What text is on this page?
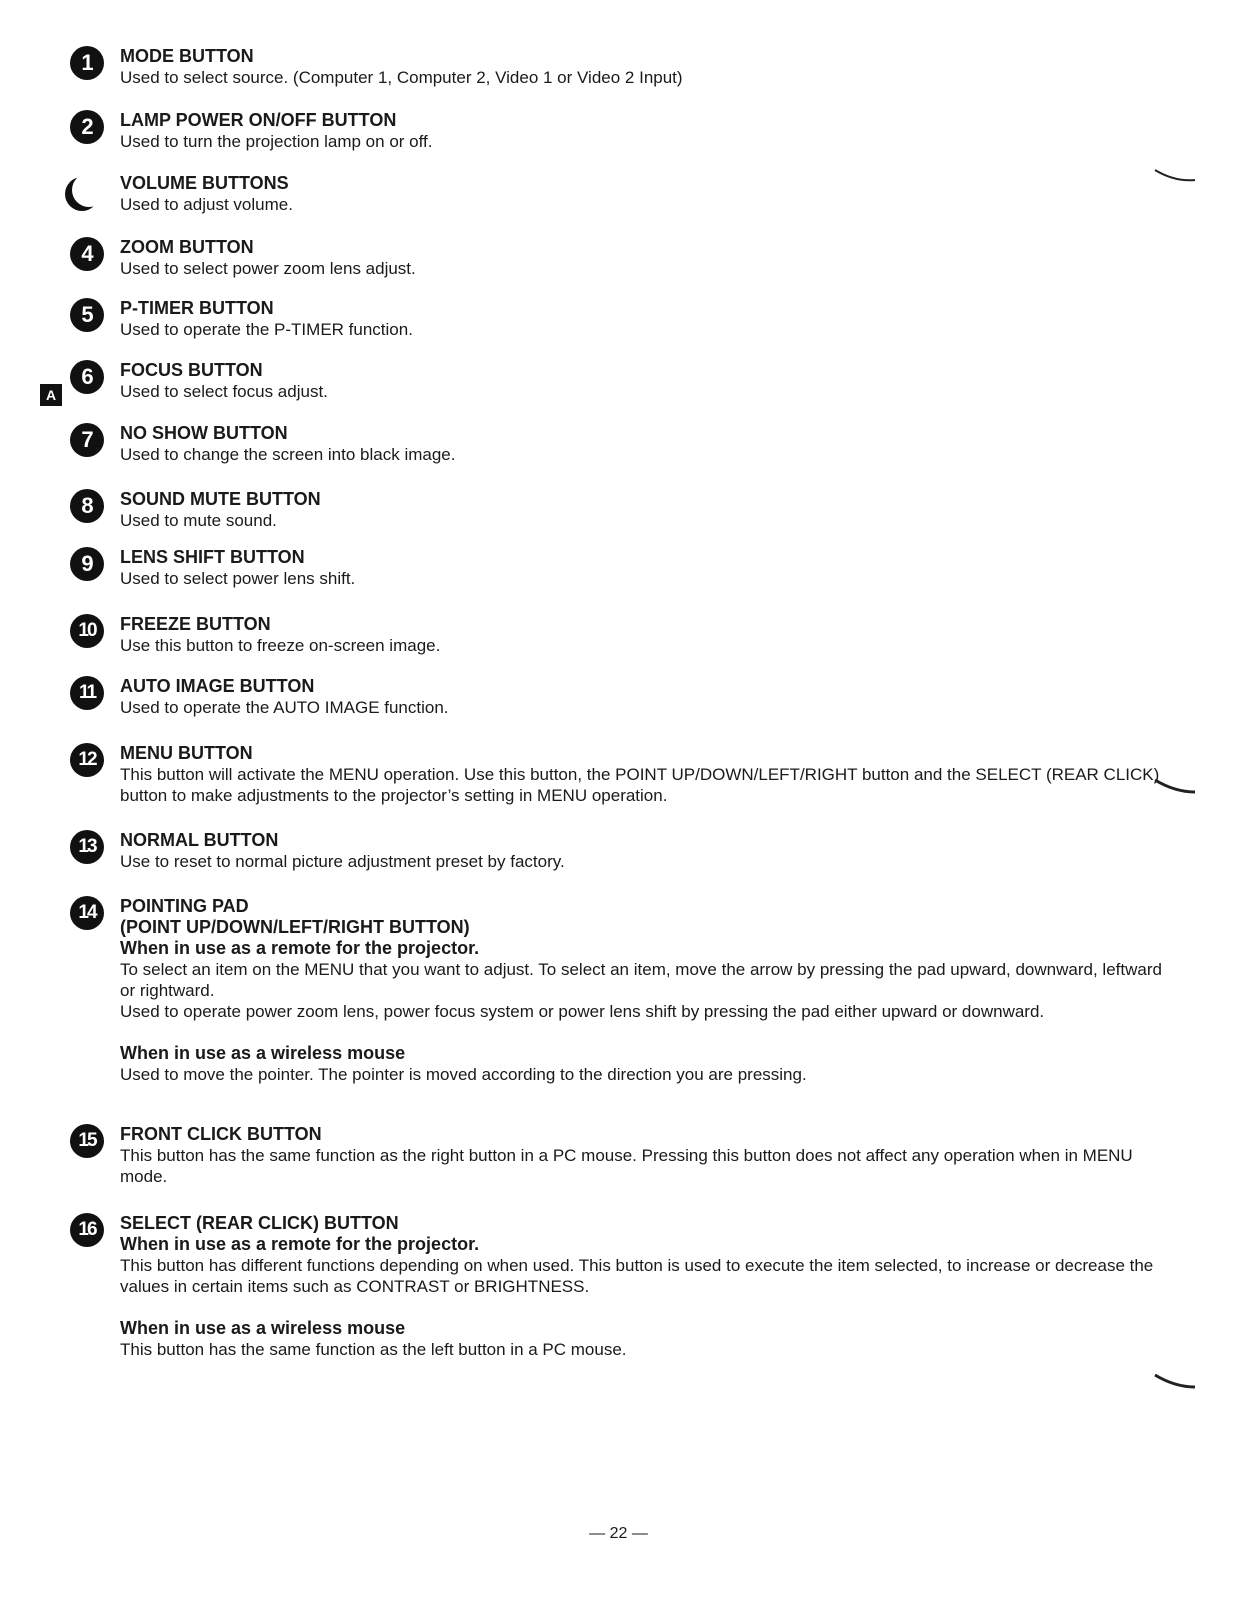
A
1	MODE BUTTON

Used to select source. (Computer 1, Computer 2, Video 1 or Video 2 Input)

2	LAMP POWER ON/OFF BUTTON

Used to turn the projection lamp on or off.

VOLUME BUTTONS

Used to adjust volume.

4	ZOOM BUTTON

Used to select power zoom lens adjust.

5	P-TIMER BUTTON

Used to operate the P-TIMER function.

6	FOCUS BUTTON

Used to select focus adjust.

7	NO SHOW BUTTON

Used to change the screen into black image.

8	SOUND MUTE BUTTON

Used to mute sound.

9	LENS SHIFT BUTTON

Used to select power lens shift.

10	FREEZE BUTTON

Use this button to freeze on-screen image.

11	AUTO IMAGE BUTTON

Used to operate the AUTO IMAGE function.

12	MENU BUTTON

This button will activate the MENU operation. Use this button, the POINT UP/DOWN/LEFT/RIGHT button and the SELECT (REAR CLICK) button to make adjustments to the projector’s setting in MENU operation.

13	NORMAL BUTTON

Use to reset to normal picture adjustment preset by factory.

14	POINTING PAD

(POINT UP/DOWN/LEFT/RIGHT BUTTON)

When in use as a remote for the projector.

To select an item on the MENU that you want to adjust. To select an item, move the arrow by pressing the pad upward, downward, leftward or rightward.

Used to operate power zoom lens, power focus system or power lens shift by pressing the pad either upward or downward.

When in use as a wireless mouse

Used to move the pointer. The pointer is moved according to the direction you are pressing.

15	FRONT CLICK BUTTON

This button has the same function as the right button in a PC mouse. Pressing this button does not affect any operation when in MENU mode.

16	SELECT (REAR CLICK) BUTTON

When in use as a remote for the projector.

This button has different functions depending on when used. This button is used to execute the item selected, to increase or decrease the values in certain items such as CONTRAST or BRIGHTNESS.

When in use as a wireless mouse

This button has the same function as the left button in a PC mouse.

— 22 —
